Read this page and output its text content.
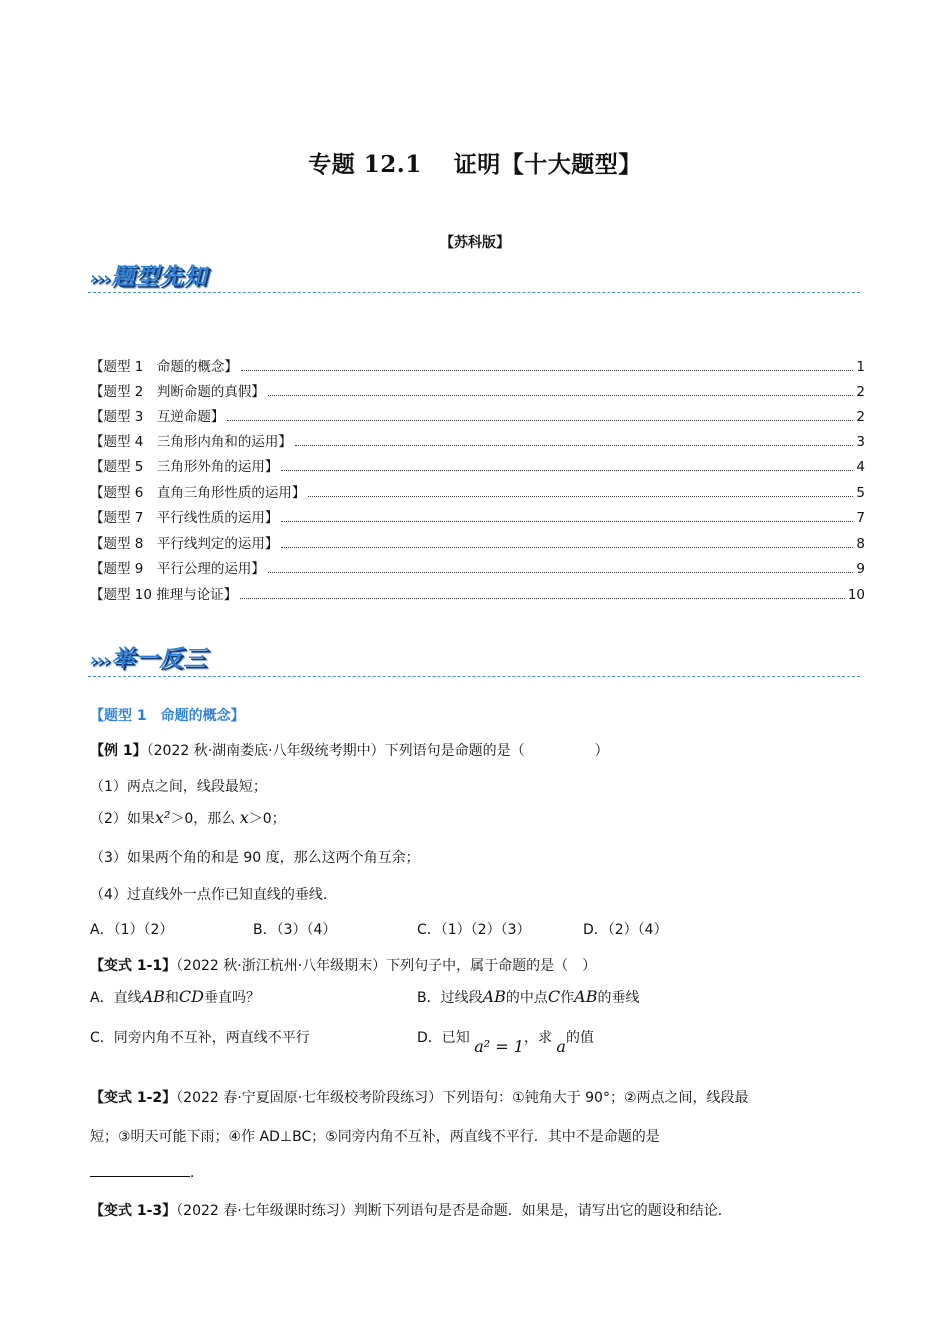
专题 12.1　 证明【十大题型】
【苏科版】
›››题型先知
【题型 1　命题的概念】	1
【题型 2　判断命题的真假】	2
【题型 3　互逆命题】	2
【题型 4　三角形内角和的运用】	3
【题型 5　三角形外角的运用】	4
【题型 6　直角三角形性质的运用】	5
【题型 7　平行线性质的运用】	7
【题型 8　平行线判定的运用】	8
【题型 9　平行公理的运用】	9
【题型 10 推理与论证】	10
›››举一反三
【题型 1　命题的概念】
【例 1】（2022 秋·湖南娄底·八年级统考期中）下列语句是命题的是（　　　　　）
（1）两点之间，线段最短；
（2）如果x²＞0，那么 x＞0；
（3）如果两个角的和是 90 度，那么这两个角互余；
（4）过直线外一点作已知直线的垂线．
A．（1）（2）	B．（3）（4）	C．（1）（2）（3）	D．（2）（4）
【变式 1-1】（2022 秋·浙江杭州·八年级期末）下列句子中，属于命题的是（　）
A．直线AB和CD垂直吗？	B．过线段AB的中点C作AB的垂线
C．同旁内角不互补，两直线不平行	D．已知 a² = 1，求 a的值
【变式 1-2】（2022 春·宁夏固原·七年级校考阶段练习）下列语句：①钝角大于 90°；②两点之间，线段最
短；③明天可能下雨；④作 AD⊥BC；⑤同旁内角不互补，两直线不平行．其中不是命题的是
．
【变式 1-3】（2022 春·七年级课时练习）判断下列语句是否是命题．如果是，请写出它的题设和结论．
